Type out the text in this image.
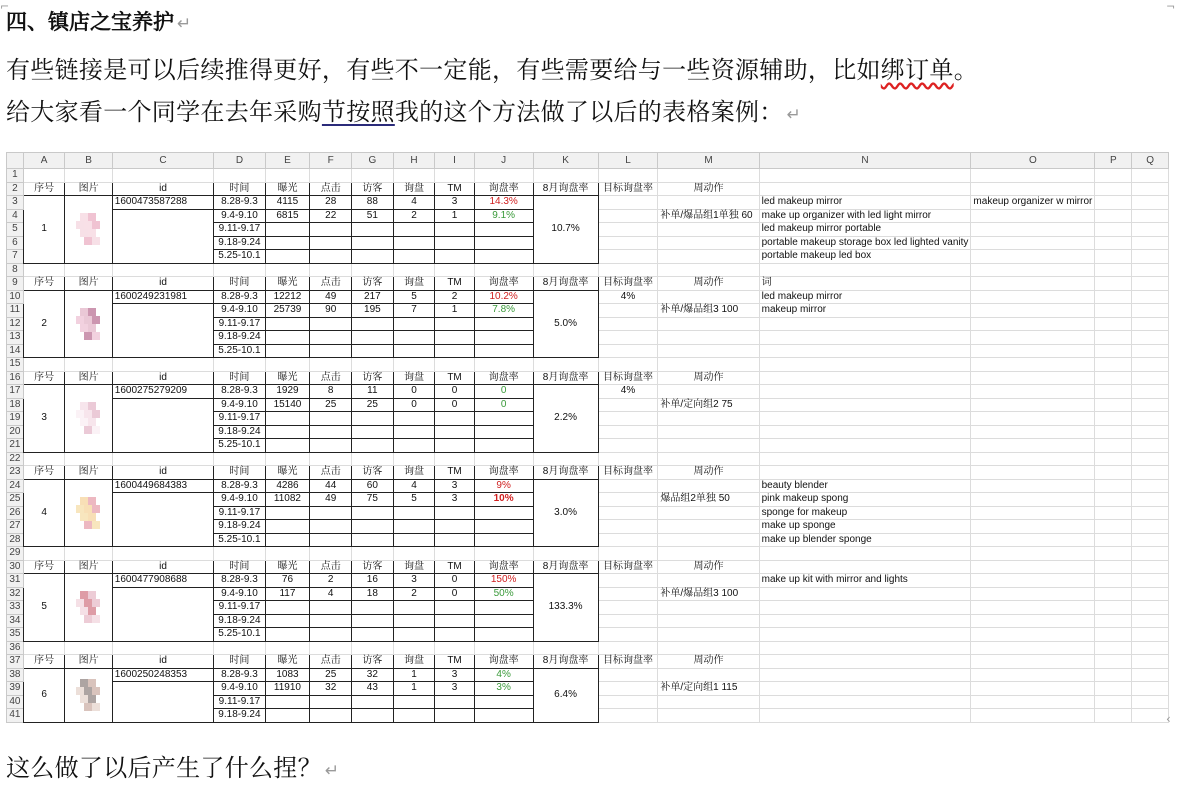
⌐	¬
四、镇店之宝养护 ↵
有些链接是可以后续推得更好，有些不一定能，有些需要给与一些资源辅助，比如绑订单。
给大家看一个同学在去年采购节按照我的这个方法做了以后的表格案例： ↵
	A	B	C	D	E	F	G	H	I	J	K	L	M	N	O	P	Q
1																	
2	序号	图片	id	时间	曝光	点击	访客	询盘	TM	询盘率	8月询盘率	目标询盘率	周动作				
3	1		1600473587288	8.28-9.3	4115	28	88	4	3	14.3%	10.7%			led makeup mirror	makeup organizer w mirror		
4				9.4-9.10	6815	22	51	2	1	9.1%			补单/爆品组1单独 60	make up organizer with led light mirror			
5				9.11-9.17										led makeup mirror portable			
6				9.18-9.24										portable makeup storage box led lighted vanity			
7				5.25-10.1										portable makeup led box			
8																	
9	序号	图片	id	时间	曝光	点击	访客	询盘	TM	询盘率	8月询盘率	目标询盘率	周动作	词			
10	2		1600249231981	8.28-9.3	12212	49	217	5	2	10.2%	5.0%	4%		led makeup mirror			
11				9.4-9.10	25739	90	195	7	1	7.8%			补单/爆品组3 100	makeup mirror			
12				9.11-9.17													
13				9.18-9.24													
14				5.25-10.1													
15																	
16	序号	图片	id	时间	曝光	点击	访客	询盘	TM	询盘率	8月询盘率	目标询盘率	周动作				
17	3		1600275279209	8.28-9.3	1929	8	11	0	0	0	2.2%	4%					
18				9.4-9.10	15140	25	25	0	0	0			补单/定向组2 75				
19				9.11-9.17													
20				9.18-9.24													
21				5.25-10.1													
22																	
23	序号	图片	id	时间	曝光	点击	访客	询盘	TM	询盘率	8月询盘率	目标询盘率	周动作				
24	4		1600449684383	8.28-9.3	4286	44	60	4	3	9%	3.0%			beauty blender			
25				9.4-9.10	11082	49	75	5	3	10%			爆品组2单独 50	pink makeup spong			
26				9.11-9.17										sponge for makeup			
27				9.18-9.24										make up sponge			
28				5.25-10.1										make up blender sponge			
29																	
30	序号	图片	id	时间	曝光	点击	访客	询盘	TM	询盘率	8月询盘率	目标询盘率	周动作				
31	5		1600477908688	8.28-9.3	76	2	16	3	0	150%	133.3%			make up kit with mirror and lights			
32				9.4-9.10	117	4	18	2	0	50%			补单/爆品组3 100				
33				9.11-9.17													
34				9.18-9.24													
35				5.25-10.1													
36																	
37	序号	图片	id	时间	曝光	点击	访客	询盘	TM	询盘率	8月询盘率	目标询盘率	周动作				
38	6		1600250248353	8.28-9.3	1083	25	32	1	3	4%	6.4%						
39				9.4-9.10	11910	32	43	1	3	3%			补单/定向组1 115				
40				9.11-9.17													
41				9.18-9.24														‹
这么做了以后产生了什么捏？ ↵
